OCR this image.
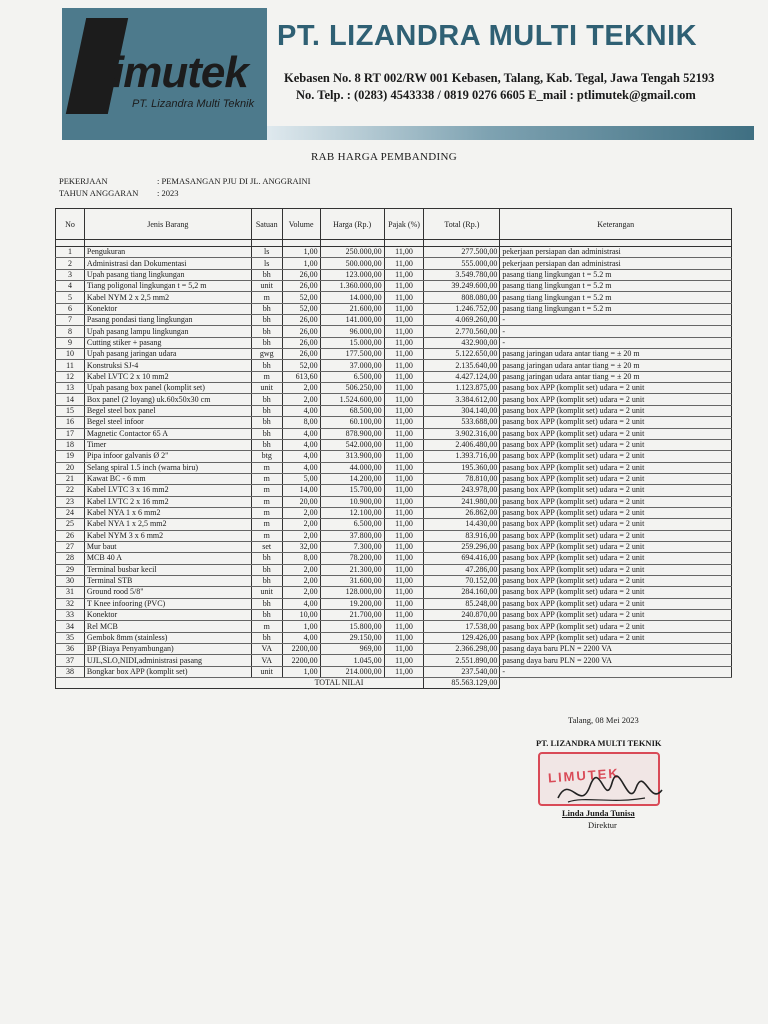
imutek
PT. Lizandra Multi Teknik
PT. LIZANDRA MULTI TEKNIK
Kebasen No. 8 RT 002/RW 001 Kebasen, Talang, Kab. Tegal, Jawa Tengah 52193
No. Telp. : (0283) 4543338 / 0819 0276 6605 E_mail : ptlimutek@gmail.com
RAB HARGA PEMBANDING
PEKERJAAN	: PEMASANGAN PJU DI JL. ANGGRAINI
TAHUN ANGGARAN : 2023
No	Jenis Barang	Satuan	Volume	Harga (Rp.)	Pajak (%)	Total (Rp.)	Keterangan

1	Pengukuran	ls	1,00	250.000,00	11,00	277.500,00	pekerjaan persiapan dan administrasi
2	Administrasi dan Dokumentasi	ls	1,00	500.000,00	11,00	555.000,00	pekerjaan persiapan dan administrasi
3	Upah pasang tiang lingkungan	bh	26,00	123.000,00	11,00	3.549.780,00	pasang tiang lingkungan t = 5.2 m
4	Tiang poligonal lingkungan t = 5,2 m	unit	26,00	1.360.000,00	11,00	39.249.600,00	pasang tiang lingkungan t = 5.2 m
5	Kabel NYM 2 x 2,5 mm2	m	52,00	14.000,00	11,00	808.080,00	pasang tiang lingkungan t = 5.2 m
6	Konektor	bh	52,00	21.600,00	11,00	1.246.752,00	pasang tiang lingkungan t = 5.2 m
7	Pasang pondasi tiang lingkungan	bh	26,00	141.000,00	11,00	4.069.260,00	-
8	Upah pasang lampu lingkungan	bh	26,00	96.000,00	11,00	2.770.560,00	-
9	Cutting stiker + pasang	bh	26,00	15.000,00	11,00	432.900,00	-
10	Upah pasang jaringan udara	gwg	26,00	177.500,00	11,00	5.122.650,00	pasang jaringan udara antar tiang = ± 20 m
11	Konstruksi SJ-4	bh	52,00	37.000,00	11,00	2.135.640,00	pasang jaringan udara antar tiang = ± 20 m
12	Kabel LVTC 2 x 10 mm2	m	613,60	6.500,00	11,00	4.427.124,00	pasang jaringan udara antar tiang = ± 20 m
13	Upah pasang box panel (komplit set)	unit	2,00	506.250,00	11,00	1.123.875,00	pasang box APP (komplit set) udara = 2 unit
14	Box panel (2 loyang) uk.60x50x30 cm	bh	2,00	1.524.600,00	11,00	3.384.612,00	pasang box APP (komplit set) udara = 2 unit
15	Begel steel box panel	bh	4,00	68.500,00	11,00	304.140,00	pasang box APP (komplit set) udara = 2 unit
16	Begel steel infoor	bh	8,00	60.100,00	11,00	533.688,00	pasang box APP (komplit set) udara = 2 unit
17	Magnetic Contactor 65 A	bh	4,00	878.900,00	11,00	3.902.316,00	pasang box APP (komplit set) udara = 2 unit
18	Timer	bh	4,00	542.000,00	11,00	2.406.480,00	pasang box APP (komplit set) udara = 2 unit
19	Pipa infoor galvanis Ø 2"	btg	4,00	313.900,00	11,00	1.393.716,00	pasang box APP (komplit set) udara = 2 unit
20	Selang spiral 1.5 inch (warna biru)	m	4,00	44.000,00	11,00	195.360,00	pasang box APP (komplit set) udara = 2 unit
21	Kawat BC - 6 mm	m	5,00	14.200,00	11,00	78.810,00	pasang box APP (komplit set) udara = 2 unit
22	Kabel LVTC 3 x 16 mm2	m	14,00	15.700,00	11,00	243.978,00	pasang box APP (komplit set) udara = 2 unit
23	Kabel LVTC 2 x 16 mm2	m	20,00	10.900,00	11,00	241.980,00	pasang box APP (komplit set) udara = 2 unit
24	Kabel NYA 1 x 6 mm2	m	2,00	12.100,00	11,00	26.862,00	pasang box APP (komplit set) udara = 2 unit
25	Kabel NYA 1 x 2,5 mm2	m	2,00	6.500,00	11,00	14.430,00	pasang box APP (komplit set) udara = 2 unit
26	Kabel NYM 3 x 6 mm2	m	2,00	37.800,00	11,00	83.916,00	pasang box APP (komplit set) udara = 2 unit
27	Mur baut	set	32,00	7.300,00	11,00	259.296,00	pasang box APP (komplit set) udara = 2 unit
28	MCB 40 A	bh	8,00	78.200,00	11,00	694.416,00	pasang box APP (komplit set) udara = 2 unit
29	Terminal busbar kecil	bh	2,00	21.300,00	11,00	47.286,00	pasang box APP (komplit set) udara = 2 unit
30	Terminal STB	bh	2,00	31.600,00	11,00	70.152,00	pasang box APP (komplit set) udara = 2 unit
31	Ground rood 5/8"	unit	2,00	128.000,00	11,00	284.160,00	pasang box APP (komplit set) udara = 2 unit
32	T Knee infooring (PVC)	bh	4,00	19.200,00	11,00	85.248,00	pasang box APP (komplit set) udara = 2 unit
33	Konektor	bh	10,00	21.700,00	11,00	240.870,00	pasang box APP (komplit set) udara = 2 unit
34	Rel MCB	m	1,00	15.800,00	11,00	17.538,00	pasang box APP (komplit set) udara = 2 unit
35	Gembok 8mm (stainless)	bh	4,00	29.150,00	11,00	129.426,00	pasang box APP (komplit set) udara = 2 unit
36	BP (Biaya Penyambungan)	VA	2200,00	969,00	11,00	2.366.298,00	pasang daya baru PLN = 2200 VA
37	UJL,SLO,NIDI,administrasi pasang	VA	2200,00	1.045,00	11,00	2.551.890,00	pasang daya baru PLN = 2200 VA
38	Bongkar box APP (komplit set)	unit	1,00	214.000,00	11,00	237.540,00	-
TOTAL NILAI						85.563.129,00	
Talang, 08 Mei 2023
PT. LIZANDRA MULTI TEKNIK
LIMUTEK
Linda Junda Tunisa
Direktur
